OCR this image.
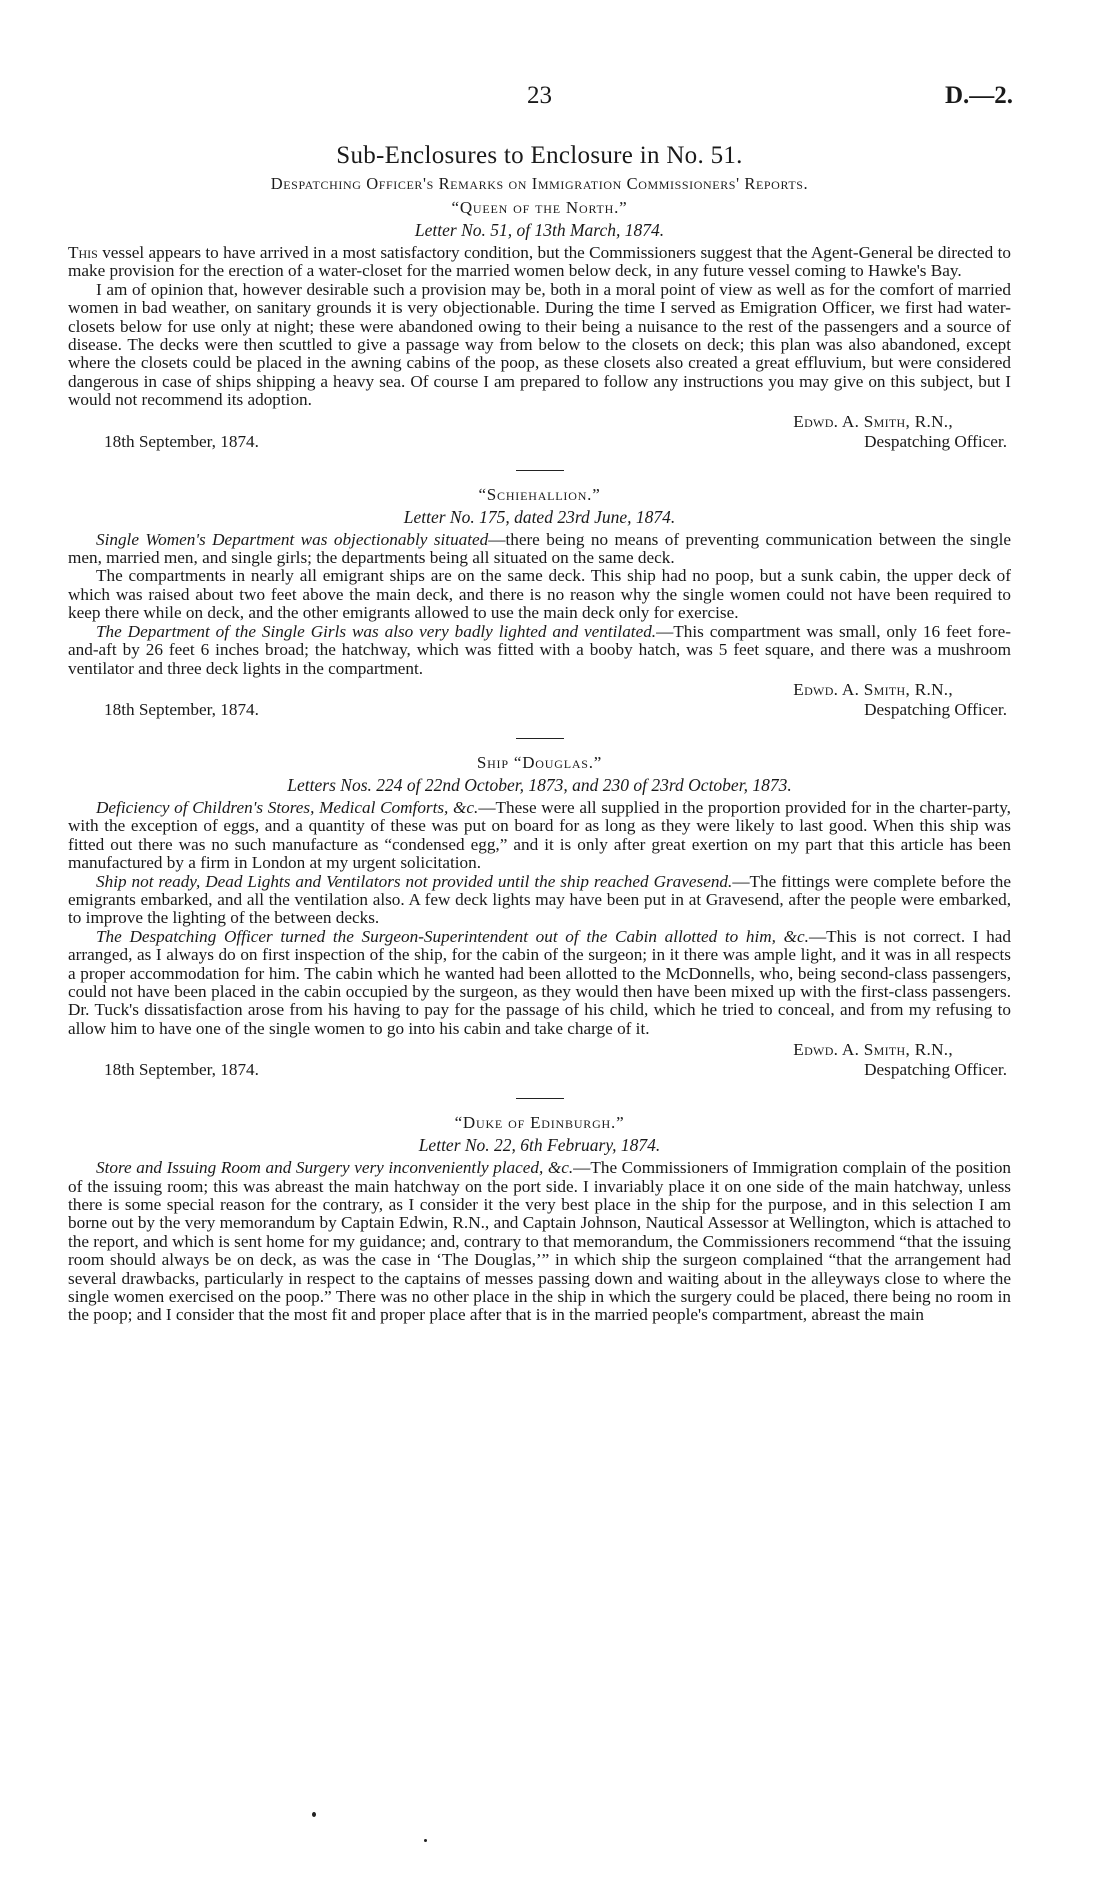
23	D.—2.
Sub-Enclosures to Enclosure in No. 51.
Despatching Officer's Remarks on Immigration Commissioners' Reports.
“Queen of the North.”
Letter No. 51, of 13th March, 1874.

This vessel appears to have arrived in a most satisfactory condition, but the Commissioners suggest that the Agent-General be directed to make provision for the erection of a water-closet for the married women below deck, in any future vessel coming to Hawke's Bay.

I am of opinion that, however desirable such a provision may be, both in a moral point of view as well as for the comfort of married women in bad weather, on sanitary grounds it is very objectionable. During the time I served as Emigration Officer, we first had water-closets below for use only at night; these were abandoned owing to their being a nuisance to the rest of the passengers and a source of disease. The decks were then scuttled to give a passage way from below to the closets on deck; this plan was also abandoned, except where the closets could be placed in the awning cabins of the poop, as these closets also created a great effluvium, but were considered dangerous in case of ships shipping a heavy sea. Of course I am prepared to follow any instructions you may give on this subject, but I would not recommend its adoption.

Edwd. A. Smith, R.N.,
18th September, 1874.	Despatching Officer.
“Schiehallion.”
Letter No. 175, dated 23rd June, 1874.

Single Women's Department was objectionably situated—there being no means of preventing communication between the single men, married men, and single girls; the departments being all situated on the same deck.

The compartments in nearly all emigrant ships are on the same deck. This ship had no poop, but a sunk cabin, the upper deck of which was raised about two feet above the main deck, and there is no reason why the single women could not have been required to keep there while on deck, and the other emigrants allowed to use the main deck only for exercise.

The Department of the Single Girls was also very badly lighted and ventilated.—This compartment was small, only 16 feet fore-and-aft by 26 feet 6 inches broad; the hatchway, which was fitted with a booby hatch, was 5 feet square, and there was a mushroom ventilator and three deck lights in the compartment.

Edwd. A. Smith, R.N.,
18th September, 1874.	Despatching Officer.
Ship “Douglas.”
Letters Nos. 224 of 22nd October, 1873, and 230 of 23rd October, 1873.

Deficiency of Children's Stores, Medical Comforts, &c.—These were all supplied in the proportion provided for in the charter-party, with the exception of eggs, and a quantity of these was put on board for as long as they were likely to last good. When this ship was fitted out there was no such manufacture as “condensed egg,” and it is only after great exertion on my part that this article has been manufactured by a firm in London at my urgent solicitation.

Ship not ready, Dead Lights and Ventilators not provided until the ship reached Gravesend.—The fittings were complete before the emigrants embarked, and all the ventilation also. A few deck lights may have been put in at Gravesend, after the people were embarked, to improve the lighting of the between decks.

The Despatching Officer turned the Surgeon-Superintendent out of the Cabin allotted to him, &c.—This is not correct. I had arranged, as I always do on first inspection of the ship, for the cabin of the surgeon; in it there was ample light, and it was in all respects a proper accommodation for him. The cabin which he wanted had been allotted to the McDonnells, who, being second-class passengers, could not have been placed in the cabin occupied by the surgeon, as they would then have been mixed up with the first-class passengers. Dr. Tuck's dissatisfaction arose from his having to pay for the passage of his child, which he tried to conceal, and from my refusing to allow him to have one of the single women to go into his cabin and take charge of it.

Edwd. A. Smith, R.N.,
18th September, 1874.	Despatching Officer.
“Duke of Edinburgh.”
Letter No. 22, 6th February, 1874.

Store and Issuing Room and Surgery very inconveniently placed, &c.—The Commissioners of Immigration complain of the position of the issuing room; this was abreast the main hatchway on the port side. I invariably place it on one side of the main hatchway, unless there is some special reason for the contrary, as I consider it the very best place in the ship for the purpose, and in this selection I am borne out by the very memorandum by Captain Edwin, R.N., and Captain Johnson, Nautical Assessor at Wellington, which is attached to the report, and which is sent home for my guidance; and, contrary to that memorandum, the Commissioners recommend “that the issuing room should always be on deck, as was the case in ‘The Douglas,’” in which ship the surgeon complained “that the arrangement had several drawbacks, particularly in respect to the captains of messes passing down and waiting about in the alleyways close to where the single women exercised on the poop.” There was no other place in the ship in which the surgery could be placed, there being no room in the poop; and I consider that the most fit and proper place after that is in the married people's compartment, abreast the main
